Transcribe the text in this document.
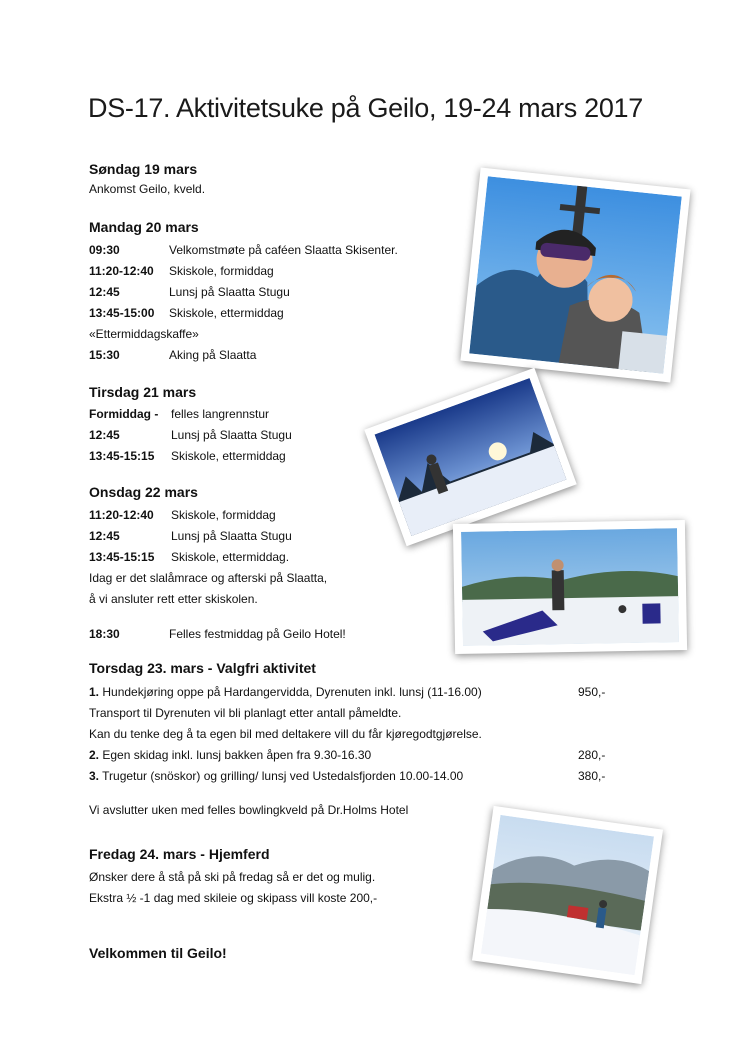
DS-17. Aktivitetsuke på Geilo, 19-24 mars 2017
Søndag 19 mars
Ankomst Geilo, kveld.
Mandag 20 mars
09:30	Velkomstmøte på caféen Slaatta Skisenter.
11:20-12:40 Skiskole, formiddag
12:45	Lunsj på Slaatta Stugu
13:45-15:00 Skiskole, ettermiddag
«Ettermiddagskaffe»
15:30	Aking på Slaatta
Tirsdag 21 mars
Formiddag - felles langrennstur
12:45	Lunsj på Slaatta Stugu
13:45-15:15 Skiskole, ettermiddag
Onsdag 22 mars
11:20-12:40 Skiskole, formiddag
12:45	Lunsj på Slaatta Stugu
13:45-15:15 Skiskole, ettermiddag.
Idag er det slalåmrace og afterski på Slaatta,
å vi ansluter rett etter skiskolen.
18:30	Felles festmiddag på Geilo Hotel!
Torsdag 23. mars - Valgfri aktivitet
1. Hundekjøring oppe på Hardangervidda, Dyrenuten inkl. lunsj (11-16.00)	950,-
Transport til Dyrenuten vil bli planlagt etter antall påmeldte.
Kan du tenke deg å ta egen bil med deltakere vill du får kjøregodtgjørelse.
2. Egen skidag inkl. lunsj bakken åpen fra 9.30-16.30	280,-
3. Trugetur (snöskor) og grilling/ lunsj ved Ustedalsfjorden 10.00-14.00	380,-
Vi avslutter uken med felles bowlingkveld på Dr.Holms Hotel
Fredag 24. mars - Hjemferd
Ønsker dere å stå på ski på fredag så er det og mulig.
Ekstra ½ -1 dag med skileie og skipass vill koste 200,-
Velkommen til Geilo!
